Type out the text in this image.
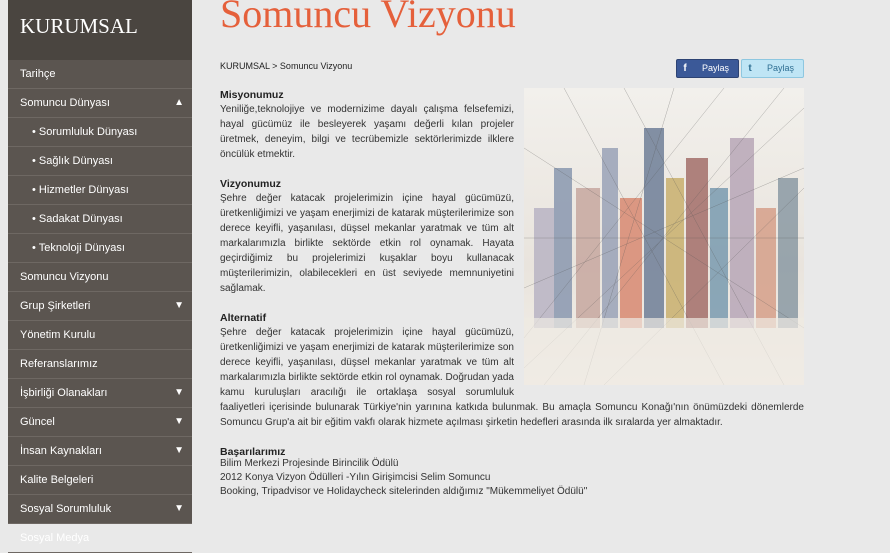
KURUMSAL
Tarihçe
Somuncu Dünyası	▲
• Sorumluluk Dünyası
• Sağlık Dünyası
• Hizmetler Dünyası
• Sadakat Dünyası
• Teknoloji Dünyası
Somuncu Vizyonu
Grup Şirketleri	▼
Yönetim Kurulu
Referanslarımız
İşbirliği Olanakları	▼
Güncel	▼
İnsan Kaynakları	▼
Kalite Belgeleri
Sosyal Sorumluluk	▼
Sosyal Medya
Somuncu Vizyonu
KURUMSAL > Somuncu Vizyonu	f	Paylaş	t	Paylaş
Misyonumuz

Yeniliğe,teknolojiye ve modernizime dayalı çalışma felsefemizi, hayal gücümüz ile besleyerek yaşamı değerli kılan projeler üretmek, deneyim, bilgi ve tecrübemizle sektörlerimizde ilklere öncülük etmektir.

Vizyonumuz

Şehre değer katacak projelerimizin içine hayal gücümüzü, üretkenliğimizi ve yaşam enerjimizi de katarak müşterilerimize son derece keyifli, yaşanılası, düşsel mekanlar yaratmak ve tüm alt markalarımızla birlikte sektörde etkin rol oynamak. Hayata geçirdiğimiz bu projelerimizi kuşaklar boyu kullanacak müşterilerimizin, olabilecekleri en üst seviyede memnuniyetini sağlamak.

Alternatif

Şehre değer katacak projelerimizin içine hayal gücümüzü, üretkenliğimizi ve yaşam enerjimizi de katarak müşterilerimize son derece keyifli, yaşanılası, düşsel mekanlar yaratmak ve tüm alt markalarımızla birlikte sektörde etkin rol oynamak. Doğrudan yada kamu kuruluşları aracılığı ile ortaklaşa sosyal sorumluluk faaliyetleri içerisinde bulunarak Türkiye'nin yarınına katkıda bulunmak. Bu amaçla Somuncu Konağı'nın önümüzdeki dönemlerde Somuncu Grup'a ait bir eğitim vakfı olarak hizmete açılması şirketin hedefleri arasında ilk sıralarda yer almaktadır.

Başarılarımız
Bilim Merkezi Projesinde Birincilik Ödülü
2012 Konya Vizyon Ödülleri -Yılın Girişimcisi Selim Somuncu
Booking, Tripadvisor ve Holidaycheck sitelerinden aldığımız "Mükemmeliyet Ödülü"
